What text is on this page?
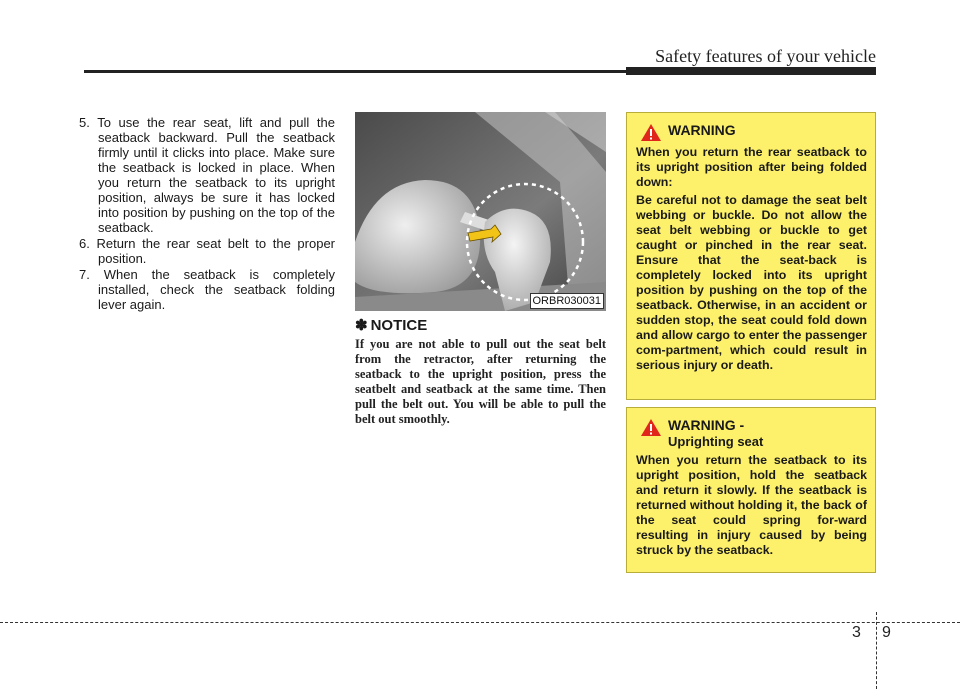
Safety features of your vehicle

5. To use the rear seat, lift and pull the seatback backward. Pull the seatback firmly until it clicks into place. Make sure the seatback is locked in place. When you return the seatback to its upright position, always be sure it has locked into position by pushing on the top of the seatback.

6. Return the rear seat belt to the proper position.

7. When the seatback is completely installed, check the seatback folding lever again.	ORBR030031
✽ NOTICE
If you are not able to pull out the seat belt from the retractor, after returning the seatback to the upright position, press the seatbelt and seatback at the same time. Then pull the belt out. You will be able to pull the belt out smoothly.
WARNING

When you return the rear seatback to its upright position after being folded down:

Be careful not to damage the seat belt webbing or buckle. Do not allow the seat belt webbing or buckle to get caught or pinched in the rear seat. Ensure that the seat-back is completely locked into its upright position by pushing on the top of the seatback. Otherwise, in an accident or sudden stop, the seat could fold down and allow cargo to enter the passenger com-partment, which could result in serious injury or death.

WARNING - Uprighting seat

When you return the seatback to its upright position, hold the seatback and return it slowly. If the seatback is returned without holding it, the back of the seat could spring for-ward resulting in injury caused by being struck by the seatback.

3 9
